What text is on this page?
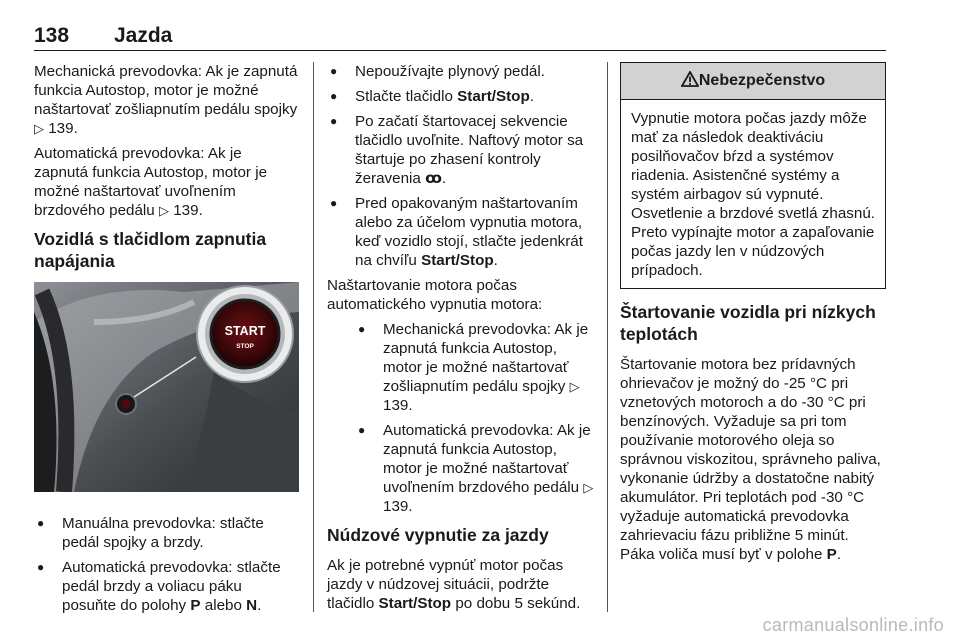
138 Jazda

Mechanická prevodovka: Ak je zapnutá funkcia Autostop, motor je možné naštartovať zošliapnutím pedálu spojky ▷ 139.

Automatická prevodovka: Ak je zapnutá funkcia Autostop, motor je možné naštartovať uvoľnením brzdového pedálu ▷ 139.

Vozidlá s tlačidlom zapnutia napájania
START
STOP
● Manuálna prevodovka: stlačte pedál spojky a brzdy.
● Automatická prevodovka: stlačte pedál brzdy a voliacu páku posuňte do polohy P alebo N.
● Nepoužívajte plynový pedál.
● Stlačte tlačidlo Start/Stop.
● Po začatí štartovacej sekvencie tlačidlo uvoľnite. Naftový motor sa štartuje po zhasení kontroly žeravenia ꝏ.
● Pred opakovaným naštartovaním alebo za účelom vypnutia motora, keď vozidlo stojí, stlačte jedenkrát na chvíľu Start/Stop.

Naštartovanie motora počas automatického vypnutia motora:

● Mechanická prevodovka: Ak je zapnutá funkcia Autostop, motor je možné naštartovať zošliapnutím pedálu spojky ▷ 139.
● Automatická prevodovka: Ak je zapnutá funkcia Autostop, motor je možné naštartovať uvoľnením brzdového pedálu ▷ 139.
Núdzové vypnutie za jazdy

Ak je potrebné vypnúť motor počas jazdy v núdzovej situácii, podržte tlačidlo Start/Stop po dobu 5 sekúnd.

Nebezpečenstvo
Vypnutie motora počas jazdy môže mať za následok deaktiváciu posilňovačov bŕzd a systémov riadenia. Asistenčné systémy a systém airbagov sú vypnuté. Osvetlenie a brzdové svetlá zhasnú. Preto vypínajte motor a zapaľovanie počas jazdy len v núdzových prípadoch.
Štartovanie vozidla pri nízkych teplotách

Štartovanie motora bez prídavných ohrievačov je možný do -25 °C pri vznetových motoroch a do -30 °C pri benzínových. Vyžaduje sa pri tom používanie motorového oleja so správnou viskozitou, správneho paliva, vykonanie údržby a dostatočne nabitý akumulátor. Pri teplotách pod -30 °C vyžaduje automatická prevodovka zahrievaciu fázu približne 5 minút. Páka voliča musí byť v polohe P.

carmanualsonline.info
